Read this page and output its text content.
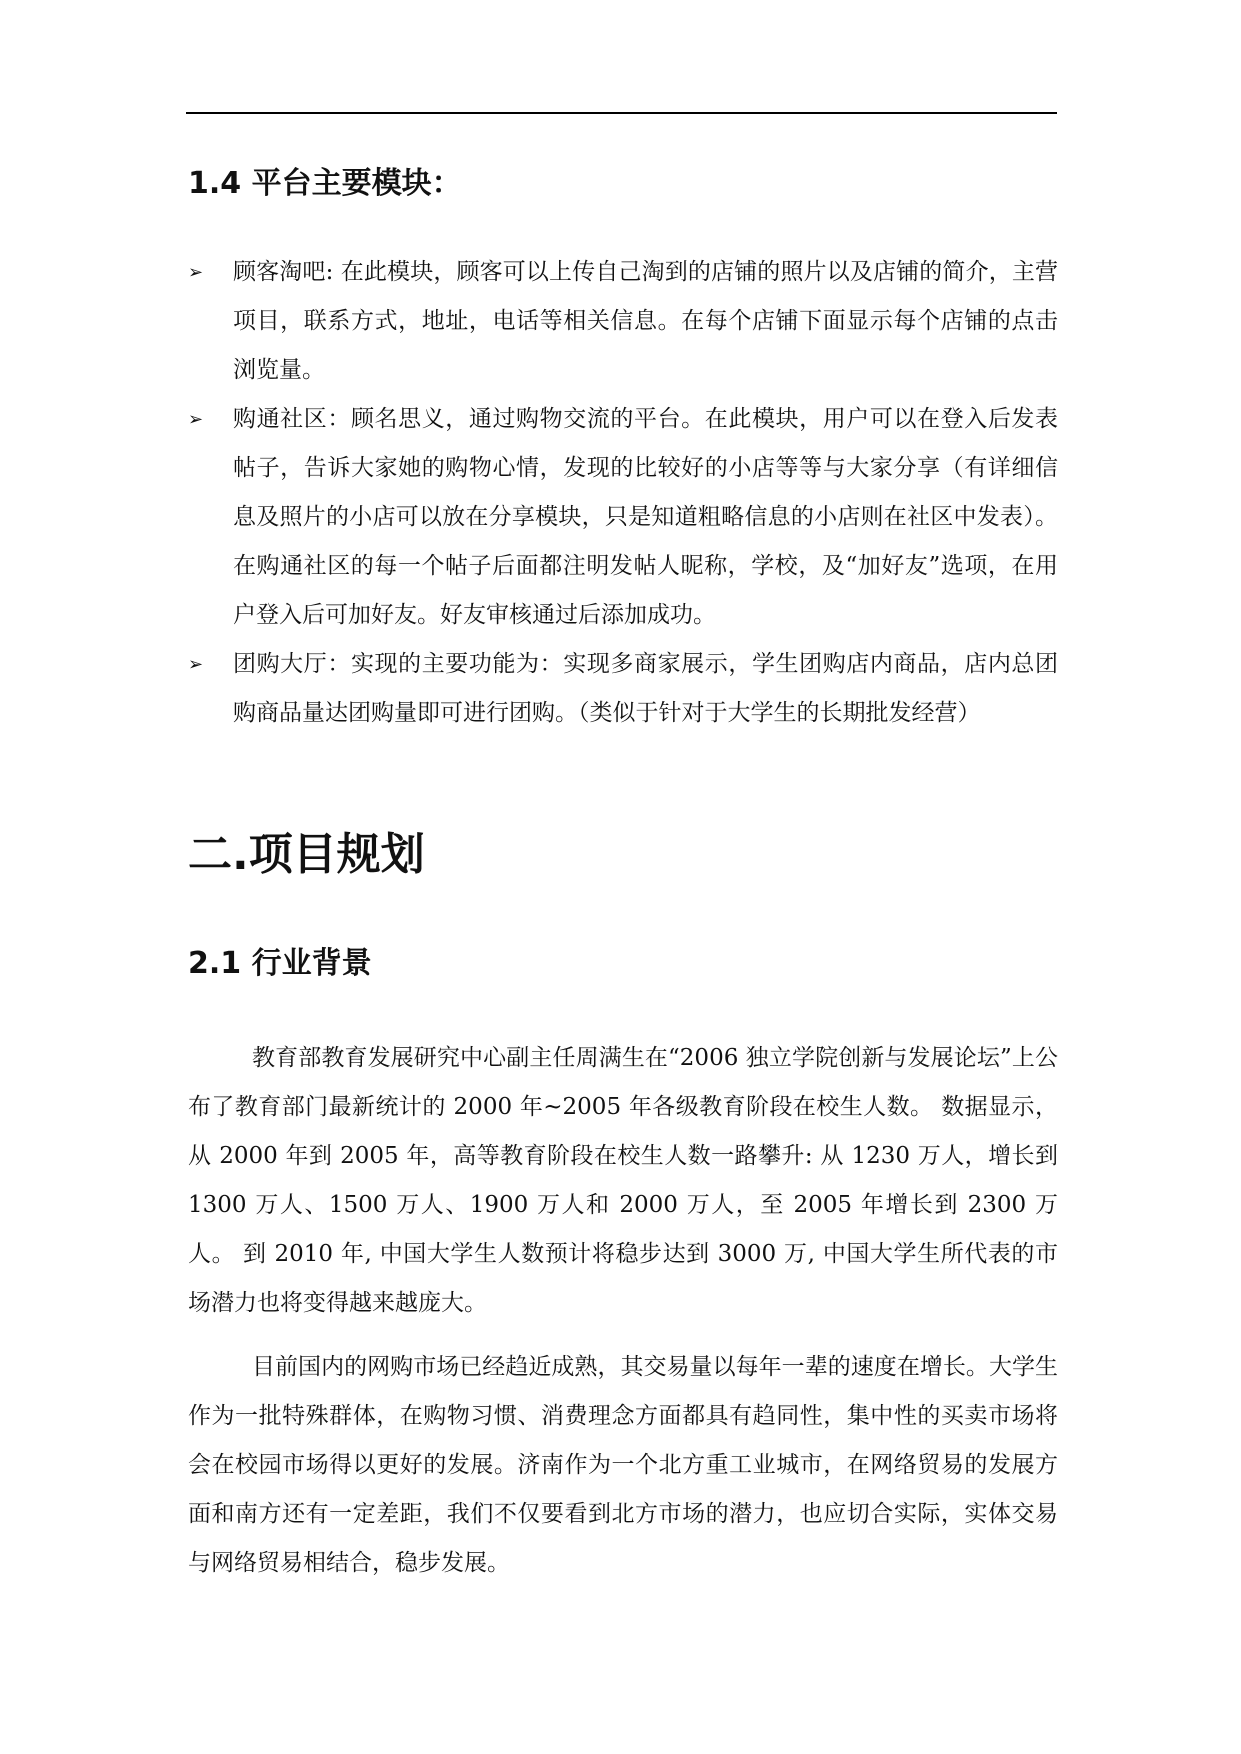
1.4 平台主要模块：
➢ 顾客淘吧: 在此模块，顾客可以上传自己淘到的店铺的照片以及店铺的简介，主营项目，联系方式，地址，电话等相关信息。在每个店铺下面显示每个店铺的点击浏览量。
➢ 购通社区：顾名思义，通过购物交流的平台。在此模块，用户可以在登入后发表帖子，告诉大家她的购物心情，发现的比较好的小店等等与大家分享（有详细信息及照片的小店可以放在分享模块，只是知道粗略信息的小店则在社区中发表）。在购通社区的每一个帖子后面都注明发帖人昵称，学校，及“加好友”选项，在用户登入后可加好友。好友审核通过后添加成功。
➢ 团购大厅：实现的主要功能为：实现多商家展示，学生团购店内商品，店内总团购商品量达团购量即可进行团购。（类似于针对于大学生的长期批发经营）
二.项目规划
2.1 行业背景

教育部教育发展研究中心副主任周满生在“2006 独立学院创新与发展论坛”上公布了教育部门最新统计的 2000 年~2005 年各级教育阶段在校生人数。 数据显示，从 2000 年到 2005 年，高等教育阶段在校生人数一路攀升: 从 1230 万人，增长到 1300 万人、1500 万人、1900 万人和 2000 万人，至 2005 年增长到 2300 万人。 到 2010 年, 中国大学生人数预计将稳步达到 3000 万, 中国大学生所代表的市场潜力也将变得越来越庞大。

目前国内的网购市场已经趋近成熟，其交易量以每年一辈的速度在增长。大学生作为一批特殊群体，在购物习惯、消费理念方面都具有趋同性，集中性的买卖市场将会在校园市场得以更好的发展。济南作为一个北方重工业城市，在网络贸易的发展方面和南方还有一定差距，我们不仅要看到北方市场的潜力，也应切合实际，实体交易与网络贸易相结合，稳步发展。
